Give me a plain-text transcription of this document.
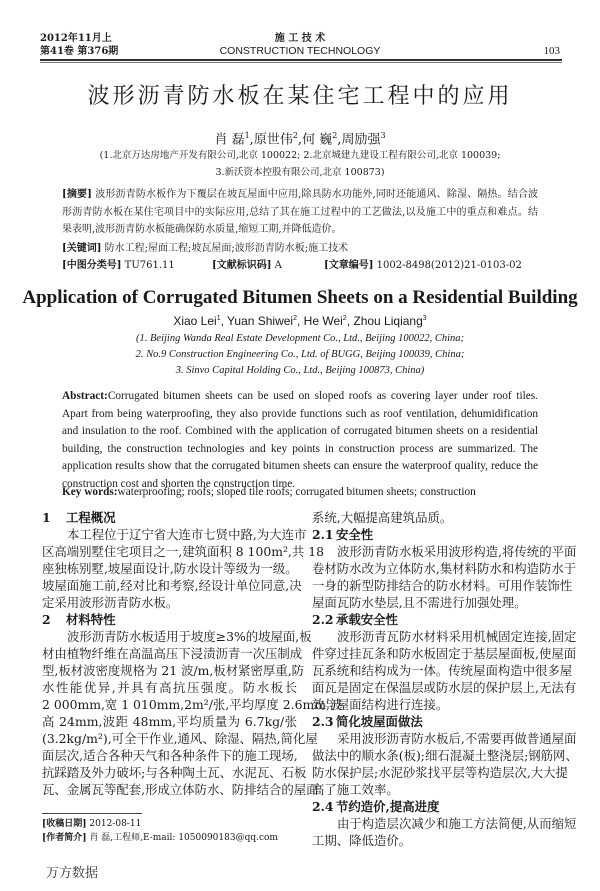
2012年11月上
第41卷 第376期
施 工 技 术
CONSTRUCTION TECHNOLOGY	103
波形沥青防水板在某住宅工程中的应用
肖 磊$^1$,原世伟$^2$,何 巍$^2$,周励强$^3$
(1.北京万达房地产开发有限公司,北京 100022; 2.北京城建九建设工程有限公司,北京 100039;
3.新沃资本控股有限公司,北京 100873)
[摘要] 波形沥青防水板作为下覆层在坡瓦屋面中应用,除具防水功能外,同时还能通风、除湿、隔热。结合波形沥青防水板在某住宅项目中的实际应用,总结了其在施工过程中的工艺做法,以及施工中的重点和难点。结果表明,波形沥青防水板能确保防水质量,缩短工期,并降低造价。
[关键词] 防水工程;屋面工程;坡瓦屋面;波形沥青防水板;施工技术
[中图分类号] TU761.11	[文献标识码] A	[文章编号] 1002-8498(2012)21-0103-02
Application of Corrugated Bitumen Sheets on a Residential Building
Xiao Lei$^1$, Yuan Shiwei$^2$, He Wei$^2$, Zhou Liqiang$^3$
(1. Beijing Wanda Real Estate Development Co., Ltd., Beijing 100022, China;
2. No.9 Construction Engineering Co., Ltd. of BUGG, Beijing 100039, China;
3. Sinvo Capital Holding Co., Ltd., Beijing 100873, China)
Abstract:Corrugated bitumen sheets can be used on sloped roofs as covering layer under roof tiles. Apart from being waterproofing, they also provide functions such as roof ventilation, dehumidification and insulation to the roof. Combined with the application of corrugated bitumen sheets on a residential building, the construction technologies and key points in construction process are summarized. The application results show that the corrugated bitumen sheets can ensure the waterproof quality, reduce the construction cost and shorten the construction time.
Key words:waterproofing; roofs; sloped tile roofs; corrugated bitumen sheets; construction
1 工程概况
本工程位于辽宁省大连市七贤中路,为大连市
区高端别墅住宅项目之一,建筑面积 8 100m²,共 18
座独栋别墅,坡屋面设计,防水设计等级为一级。
坡屋面施工前,经对比和考察,经设计单位同意,决
定采用波形沥青防水板。
2 材料特性
波形沥青防水板适用于坡度≥3%的坡屋面,板
材由植物纤维在高温高压下浸渍沥青一次压制成
型,板材波密度规格为 21 波/m,板材紧密厚重,防
水性能优异,并具有高抗压强度。防水板长
2 000mm,宽 1 010mm,2m²/张,平均厚度 2.6mm,波
高 24mm,波距 48mm,平均质量为 6.7kg/张
(3.2kg/m²),可全干作业,通风、除湿、隔热,简化屋
面层次,适合各种天气和各种条件下的施工现场,
抗踩踏及外力破坏;与各种陶土瓦、水泥瓦、石板
瓦、金属瓦等配套,形成立体防水、防排结合的屋面
系统,大幅提高建筑品质。
2.1 安全性
波形沥青防水板采用波形构造,将传统的平面
卷材防水改为立体防水,集材料防水和构造防水于
一身的新型防排结合的防水材料。可用作装饰性
屋面瓦防水垫层,且不需进行加强处理。
2.2 承载安全性
波形沥青瓦防水材料采用机械固定连接,固定
件穿过挂瓦条和防水板固定于基层屋面板,使屋面
瓦系统和结构成为一体。传统屋面构造中很多屋
面瓦是固定在保温层或防水层的保护层上,无法有
效与屋面结构进行连接。
2.3 简化坡屋面做法
采用波形沥青防水板后,不需要再做普通屋面
做法中的顺水条(板);细石混凝土整浇层;钢筋网、
防水保护层;水泥砂浆找平层等构造层次,大大提
高了施工效率。
2.4 节约造价,提高进度
由于构造层次减少和施工方法简便,从而缩短
工期、降低造价。
[收稿日期] 2012-08-11
[作者简介] 肖 磊,工程师,E-mail: 1050090183@qq.com
万方数据
